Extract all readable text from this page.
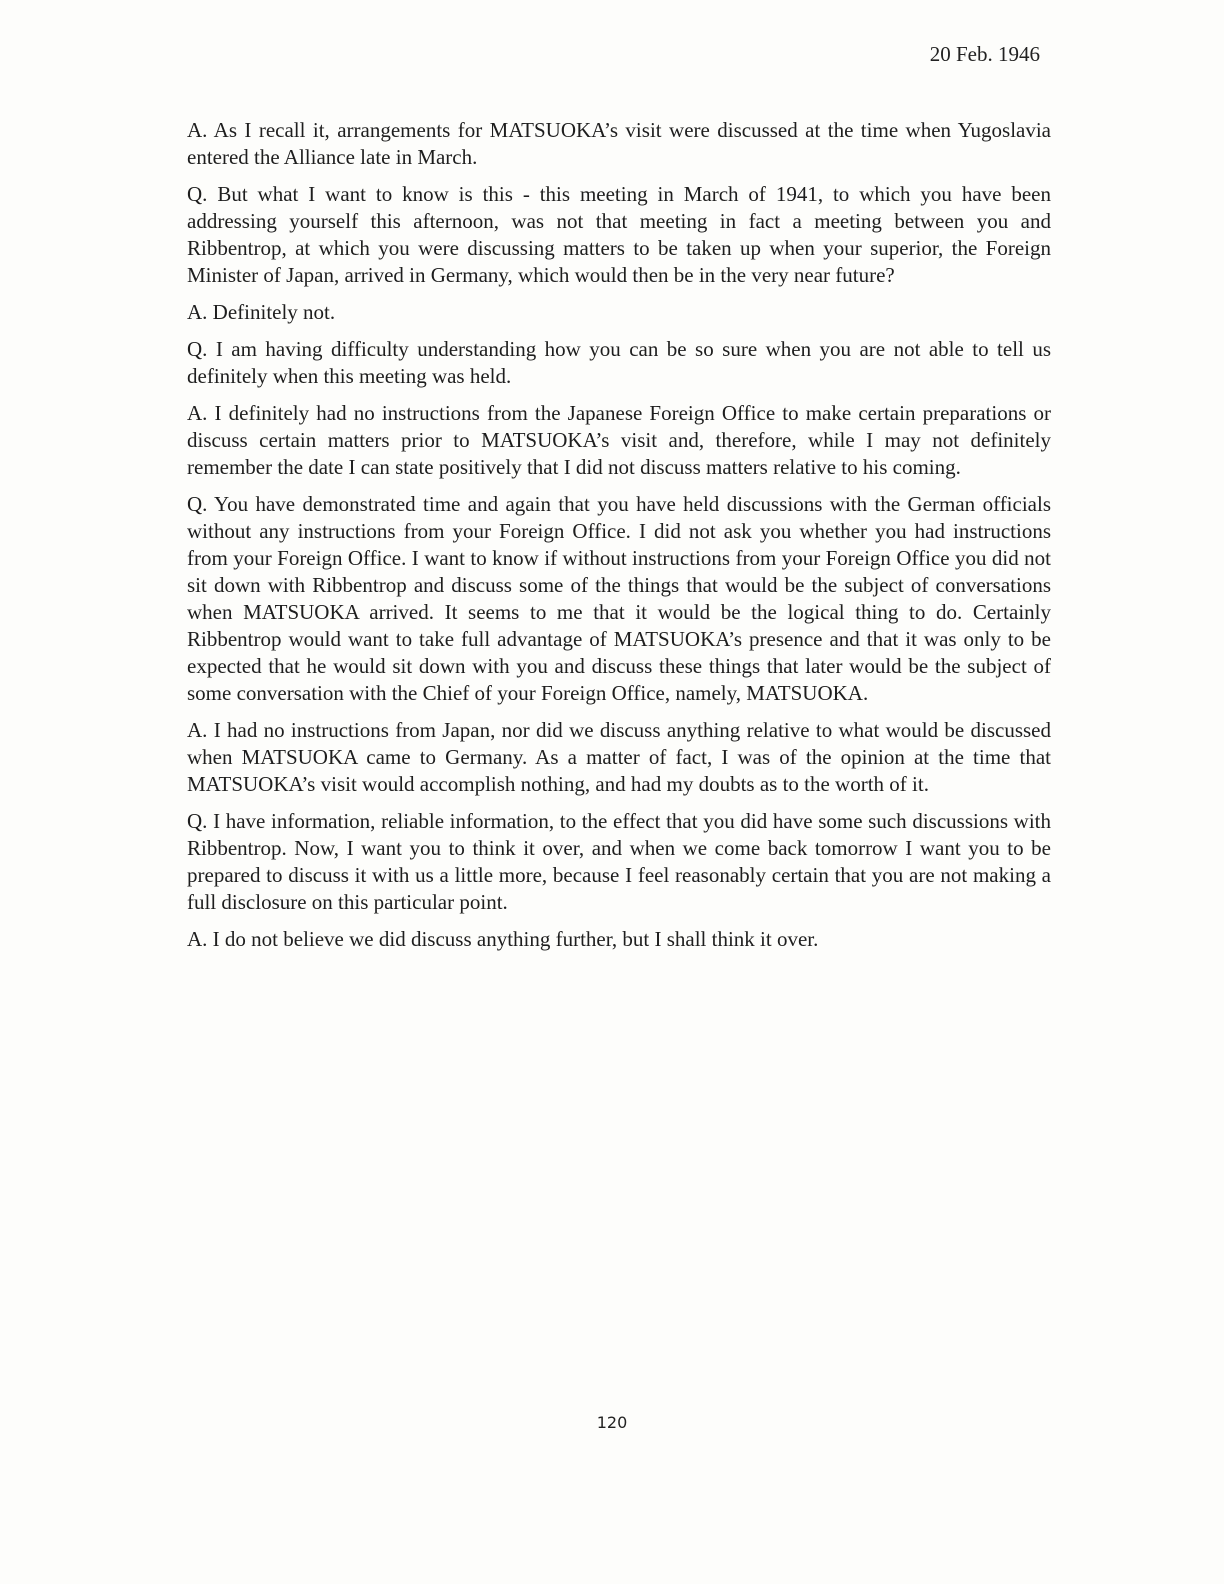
20 Feb. 1946

A. As I recall it, arrangements for MATSUOKA’s visit were discussed at the time when Yugoslavia entered the Alliance late in March.

Q. But what I want to know is this - this meeting in March of 1941, to which you have been addressing yourself this afternoon, was not that meeting in fact a meeting between you and Ribbentrop, at which you were discussing matters to be taken up when your superior, the Foreign Minister of Japan, arrived in Germany, which would then be in the very near future?

A. Definitely not.

Q. I am having difficulty understanding how you can be so sure when you are not able to tell us definitely when this meeting was held.

A. I definitely had no instructions from the Japanese Foreign Office to make certain preparations or discuss certain matters prior to MATSUOKA’s visit and, therefore, while I may not definitely remember the date I can state positively that I did not discuss matters relative to his coming.

Q. You have demonstrated time and again that you have held discussions with the German officials without any instructions from your Foreign Office. I did not ask you whether you had instructions from your Foreign Office. I want to know if without instructions from your Foreign Office you did not sit down with Ribbentrop and discuss some of the things that would be the subject of conversations when MATSUOKA arrived. It seems to me that it would be the logical thing to do. Certainly Ribbentrop would want to take full advantage of MATSUOKA’s presence and that it was only to be expected that he would sit down with you and discuss these things that later would be the subject of some conversation with the Chief of your Foreign Office, namely, MATSUOKA.

A. I had no instructions from Japan, nor did we discuss anything relative to what would be discussed when MATSUOKA came to Germany. As a matter of fact, I was of the opinion at the time that MATSUOKA’s visit would accomplish nothing, and had my doubts as to the worth of it.

Q. I have information, reliable information, to the effect that you did have some such discussions with Ribbentrop. Now, I want you to think it over, and when we come back tomorrow I want you to be prepared to discuss it with us a little more, because I feel reasonably certain that you are not making a full disclosure on this particular point.

A. I do not believe we did discuss anything further, but I shall think it over.

120
